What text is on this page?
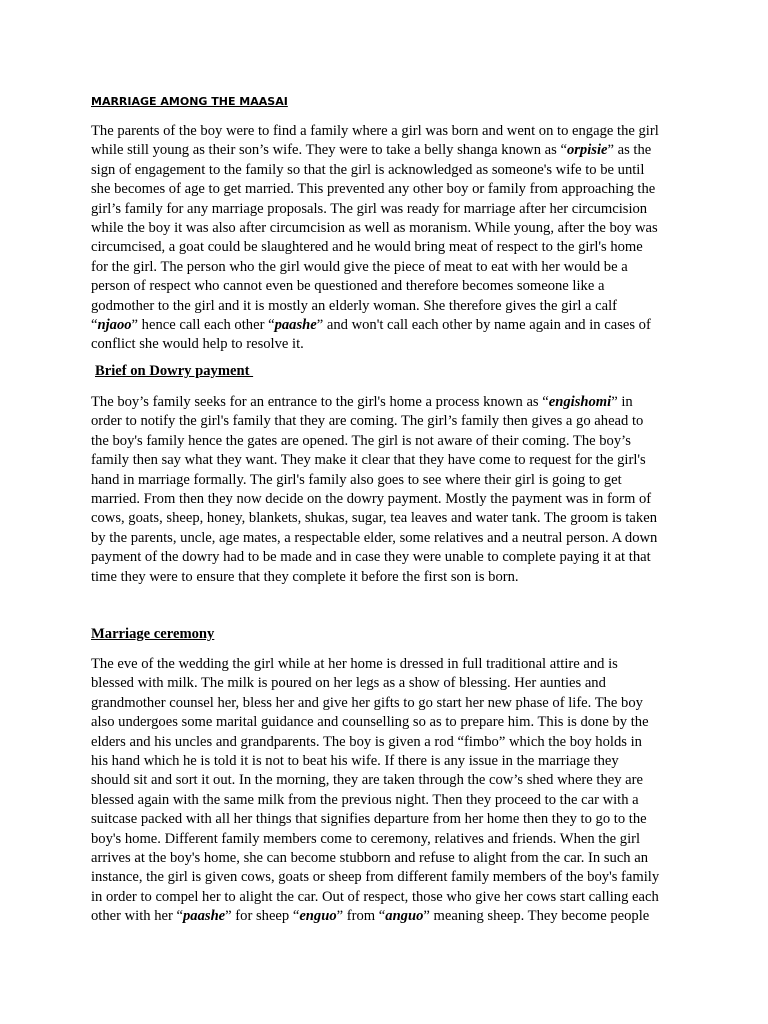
MARRIAGE AMONG THE MAASAI

The parents of the boy were to find a family where a girl was born and went on to engage the girl
while still young as their son’s wife. They were to take a belly shanga known as “orpisie” as the
sign of engagement to the family so that the girl is acknowledged as someone's wife to be until
she becomes of age to get married. This prevented any other boy or family from approaching the
girl’s family for any marriage proposals. The girl was ready for marriage after her circumcision
while the boy it was also after circumcision as well as moranism. While young, after the boy was
circumcised, a goat could be slaughtered and he would bring meat of respect to the girl's home
for the girl. The person who the girl would give the piece of meat to eat with her would be a
person of respect who cannot even be questioned and therefore becomes someone like a
godmother to the girl and it is mostly an elderly woman. She therefore gives the girl a calf
“njaoo” hence call each other “paashe” and won't call each other by name again and in cases of
conflict she would help to resolve it.

Brief on Dowry payment

The boy’s family seeks for an entrance to the girl's home a process known as “engishomi” in
order to notify the girl's family that they are coming. The girl’s family then gives a go ahead to
the boy's family hence the gates are opened. The girl is not aware of their coming. The boy’s
family then say what they want. They make it clear that they have come to request for the girl's
hand in marriage formally. The girl's family also goes to see where their girl is going to get
married. From then they now decide on the dowry payment. Mostly the payment was in form of
cows, goats, sheep, honey, blankets, shukas, sugar, tea leaves and water tank. The groom is taken
by the parents, uncle, age mates, a respectable elder, some relatives and a neutral person. A down
payment of the dowry had to be made and in case they were unable to complete paying it at that
time they were to ensure that they complete it before the first son is born.

Marriage ceremony

The eve of the wedding the girl while at her home is dressed in full traditional attire and is
blessed with milk. The milk is poured on her legs as a show of blessing. Her aunties and
grandmother counsel her, bless her and give her gifts to go start her new phase of life. The boy
also undergoes some marital guidance and counselling so as to prepare him. This is done by the
elders and his uncles and grandparents. The boy is given a rod “fimbo” which the boy holds in
his hand which he is told it is not to beat his wife. If there is any issue in the marriage they
should sit and sort it out. In the morning, they are taken through the cow’s shed where they are
blessed again with the same milk from the previous night. Then they proceed to the car with a
suitcase packed with all her things that signifies departure from her home then they to go to the
boy's home. Different family members come to ceremony, relatives and friends. When the girl
arrives at the boy's home, she can become stubborn and refuse to alight from the car. In such an
instance, the girl is given cows, goats or sheep from different family members of the boy's family
in order to compel her to alight the car. Out of respect, those who give her cows start calling each
other with her “paashe” for sheep “enguo” from “anguo” meaning sheep. They become people
